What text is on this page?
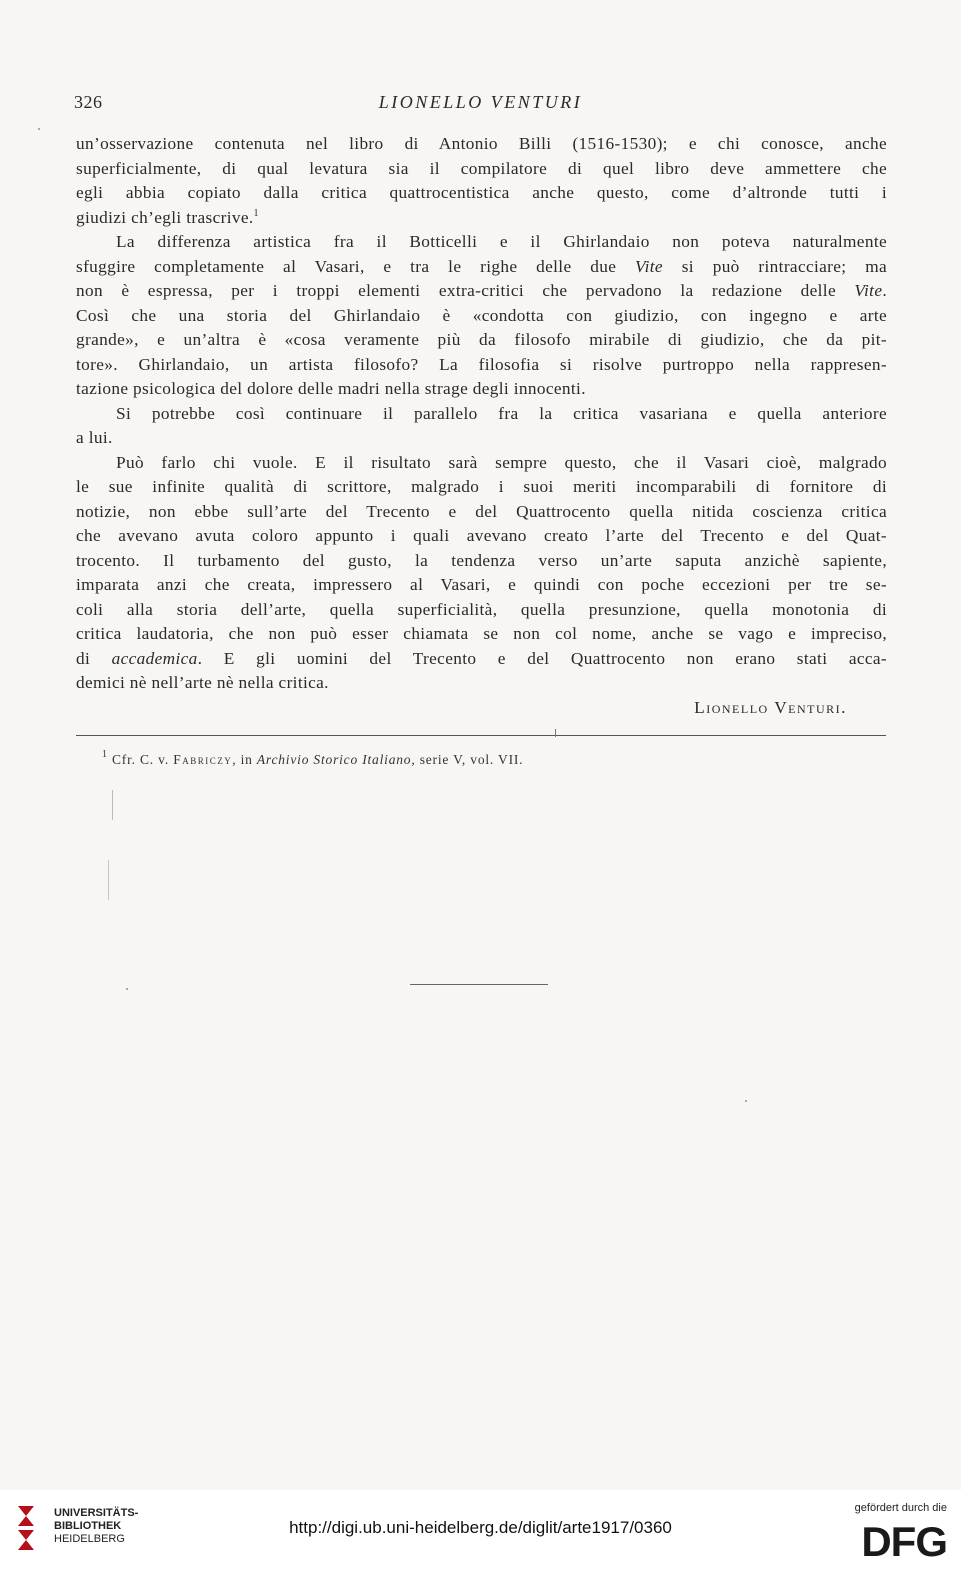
326	LIONELLO VENTURI
un’osservazione contenuta nel libro di Antonio Billi (1516-1530); e chi conosce, anche
superficialmente, di qual levatura sia il compilatore di quel libro deve ammettere che
egli abbia copiato dalla critica quattrocentistica anche questo, come d’altronde tutti i
giudizi ch’egli trascrive.$^1$
La differenza artistica fra il Botticelli e il Ghirlandaio non poteva naturalmente
sfuggire completamente al Vasari, e tra le righe delle due Vite si può rintracciare; ma
non è espressa, per i troppi elementi extra-critici che pervadono la redazione delle Vite.
Così che una storia del Ghirlandaio è «condotta con giudizio, con ingegno e arte
grande», e un’altra è «cosa veramente più da filosofo mirabile di giudizio, che da pit-
tore». Ghirlandaio, un artista filosofo? La filosofia si risolve purtroppo nella rappresen-
tazione psicologica del dolore delle madri nella strage degli innocenti.
Si potrebbe così continuare il parallelo fra la critica vasariana e quella anteriore
a lui.
Può farlo chi vuole. E il risultato sarà sempre questo, che il Vasari cioè, malgrado
le sue infinite qualità di scrittore, malgrado i suoi meriti incomparabili di fornitore di
notizie, non ebbe sull’arte del Trecento e del Quattrocento quella nitida coscienza critica
che avevano avuta coloro appunto i quali avevano creato l’arte del Trecento e del Quat-
trocento. Il turbamento del gusto, la tendenza verso un’arte saputa anzichè sapiente,
imparata anzi che creata, impressero al Vasari, e quindi con poche eccezioni per tre se-
coli alla storia dell’arte, quella superficialità, quella presunzione, quella monotonia di
critica laudatoria, che non può esser chiamata se non col nome, anche se vago e impreciso,
di accademica. E gli uomini del Trecento e del Quattrocento non erano stati acca-
demici nè nell’arte nè nella critica.
Lionello Venturi.
$^1$ Cfr. C. v. Fabriczy, in Archivio Storico Italiano, serie V, vol. VII.
UNIVERSITÄTS-
BIBLIOTHEK
HEIDELBERG
http://digi.ub.uni-heidelberg.de/diglit/arte1917/0360
gefördert durch die
DFG
